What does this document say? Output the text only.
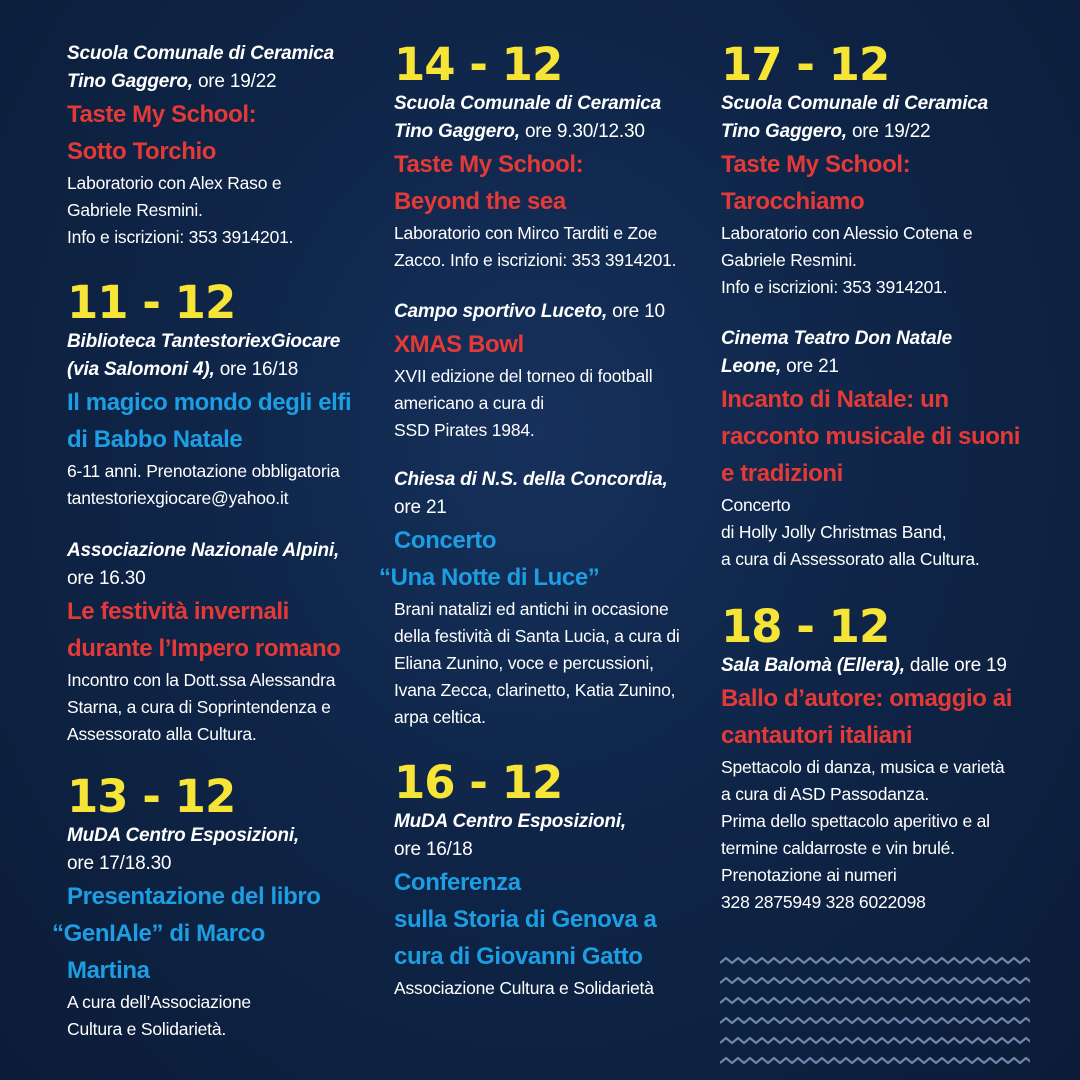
Scuola Comunale di Ceramica
Tino Gaggero, ore 19/22
Taste My School:
Sotto Torchio
Laboratorio con Alex Raso e
Gabriele Resmini.
Info e iscrizioni: 353 3914201.
11 - 12
Biblioteca TantestoriexGiocare
(via Salomoni 4), ore 16/18
Il magico mondo degli elfi
di Babbo Natale
6-11 anni. Prenotazione obbligatoria
tantestoriexgiocare@yahoo.it
Associazione Nazionale Alpini,
ore 16.30
Le festività invernali
durante l’Impero romano
Incontro con la Dott.ssa Alessandra
Starna, a cura di Soprintendenza e
Assessorato alla Cultura.
13 - 12
MuDA Centro Esposizioni,
ore 17/18.30
Presentazione del libro
“GenIAle” di Marco
Martina
A cura dell’Associazione
Cultura e Solidarietà.
14 - 12
Scuola Comunale di Ceramica
Tino Gaggero, ore 9.30/12.30
Taste My School:
Beyond the sea
Laboratorio con Mirco Tarditi e Zoe
Zacco. Info e iscrizioni: 353 3914201.
Campo sportivo Luceto, ore 10
XMAS Bowl
XVII edizione del torneo di football
americano a cura di
SSD Pirates 1984.
Chiesa di N.S. della Concordia,
ore 21
Concerto
“Una Notte di Luce”
Brani natalizi ed antichi in occasione
della festività di Santa Lucia, a cura di
Eliana Zunino, voce e percussioni,
Ivana Zecca, clarinetto, Katia Zunino,
arpa celtica.
16 - 12
MuDA Centro Esposizioni,
ore 16/18
Conferenza
sulla Storia di Genova a
cura di Giovanni Gatto
Associazione Cultura e Solidarietà
17 - 12
Scuola Comunale di Ceramica
Tino Gaggero, ore 19/22
Taste My School:
Tarocchiamo
Laboratorio con Alessio Cotena e
Gabriele Resmini.
Info e iscrizioni: 353 3914201.
Cinema Teatro Don Natale
Leone, ore 21
Incanto di Natale: un
racconto musicale di suoni
e tradizioni
Concerto
di Holly Jolly Christmas Band,
a cura di Assessorato alla Cultura.
18 - 12
Sala Balomà (Ellera), dalle ore 19
Ballo d’autore: omaggio ai
cantautori italiani
Spettacolo di danza, musica e varietà
a cura di ASD Passodanza.
Prima dello spettacolo aperitivo e al
termine caldarroste e vin brulé.
Prenotazione ai numeri
328 2875949 328 6022098
